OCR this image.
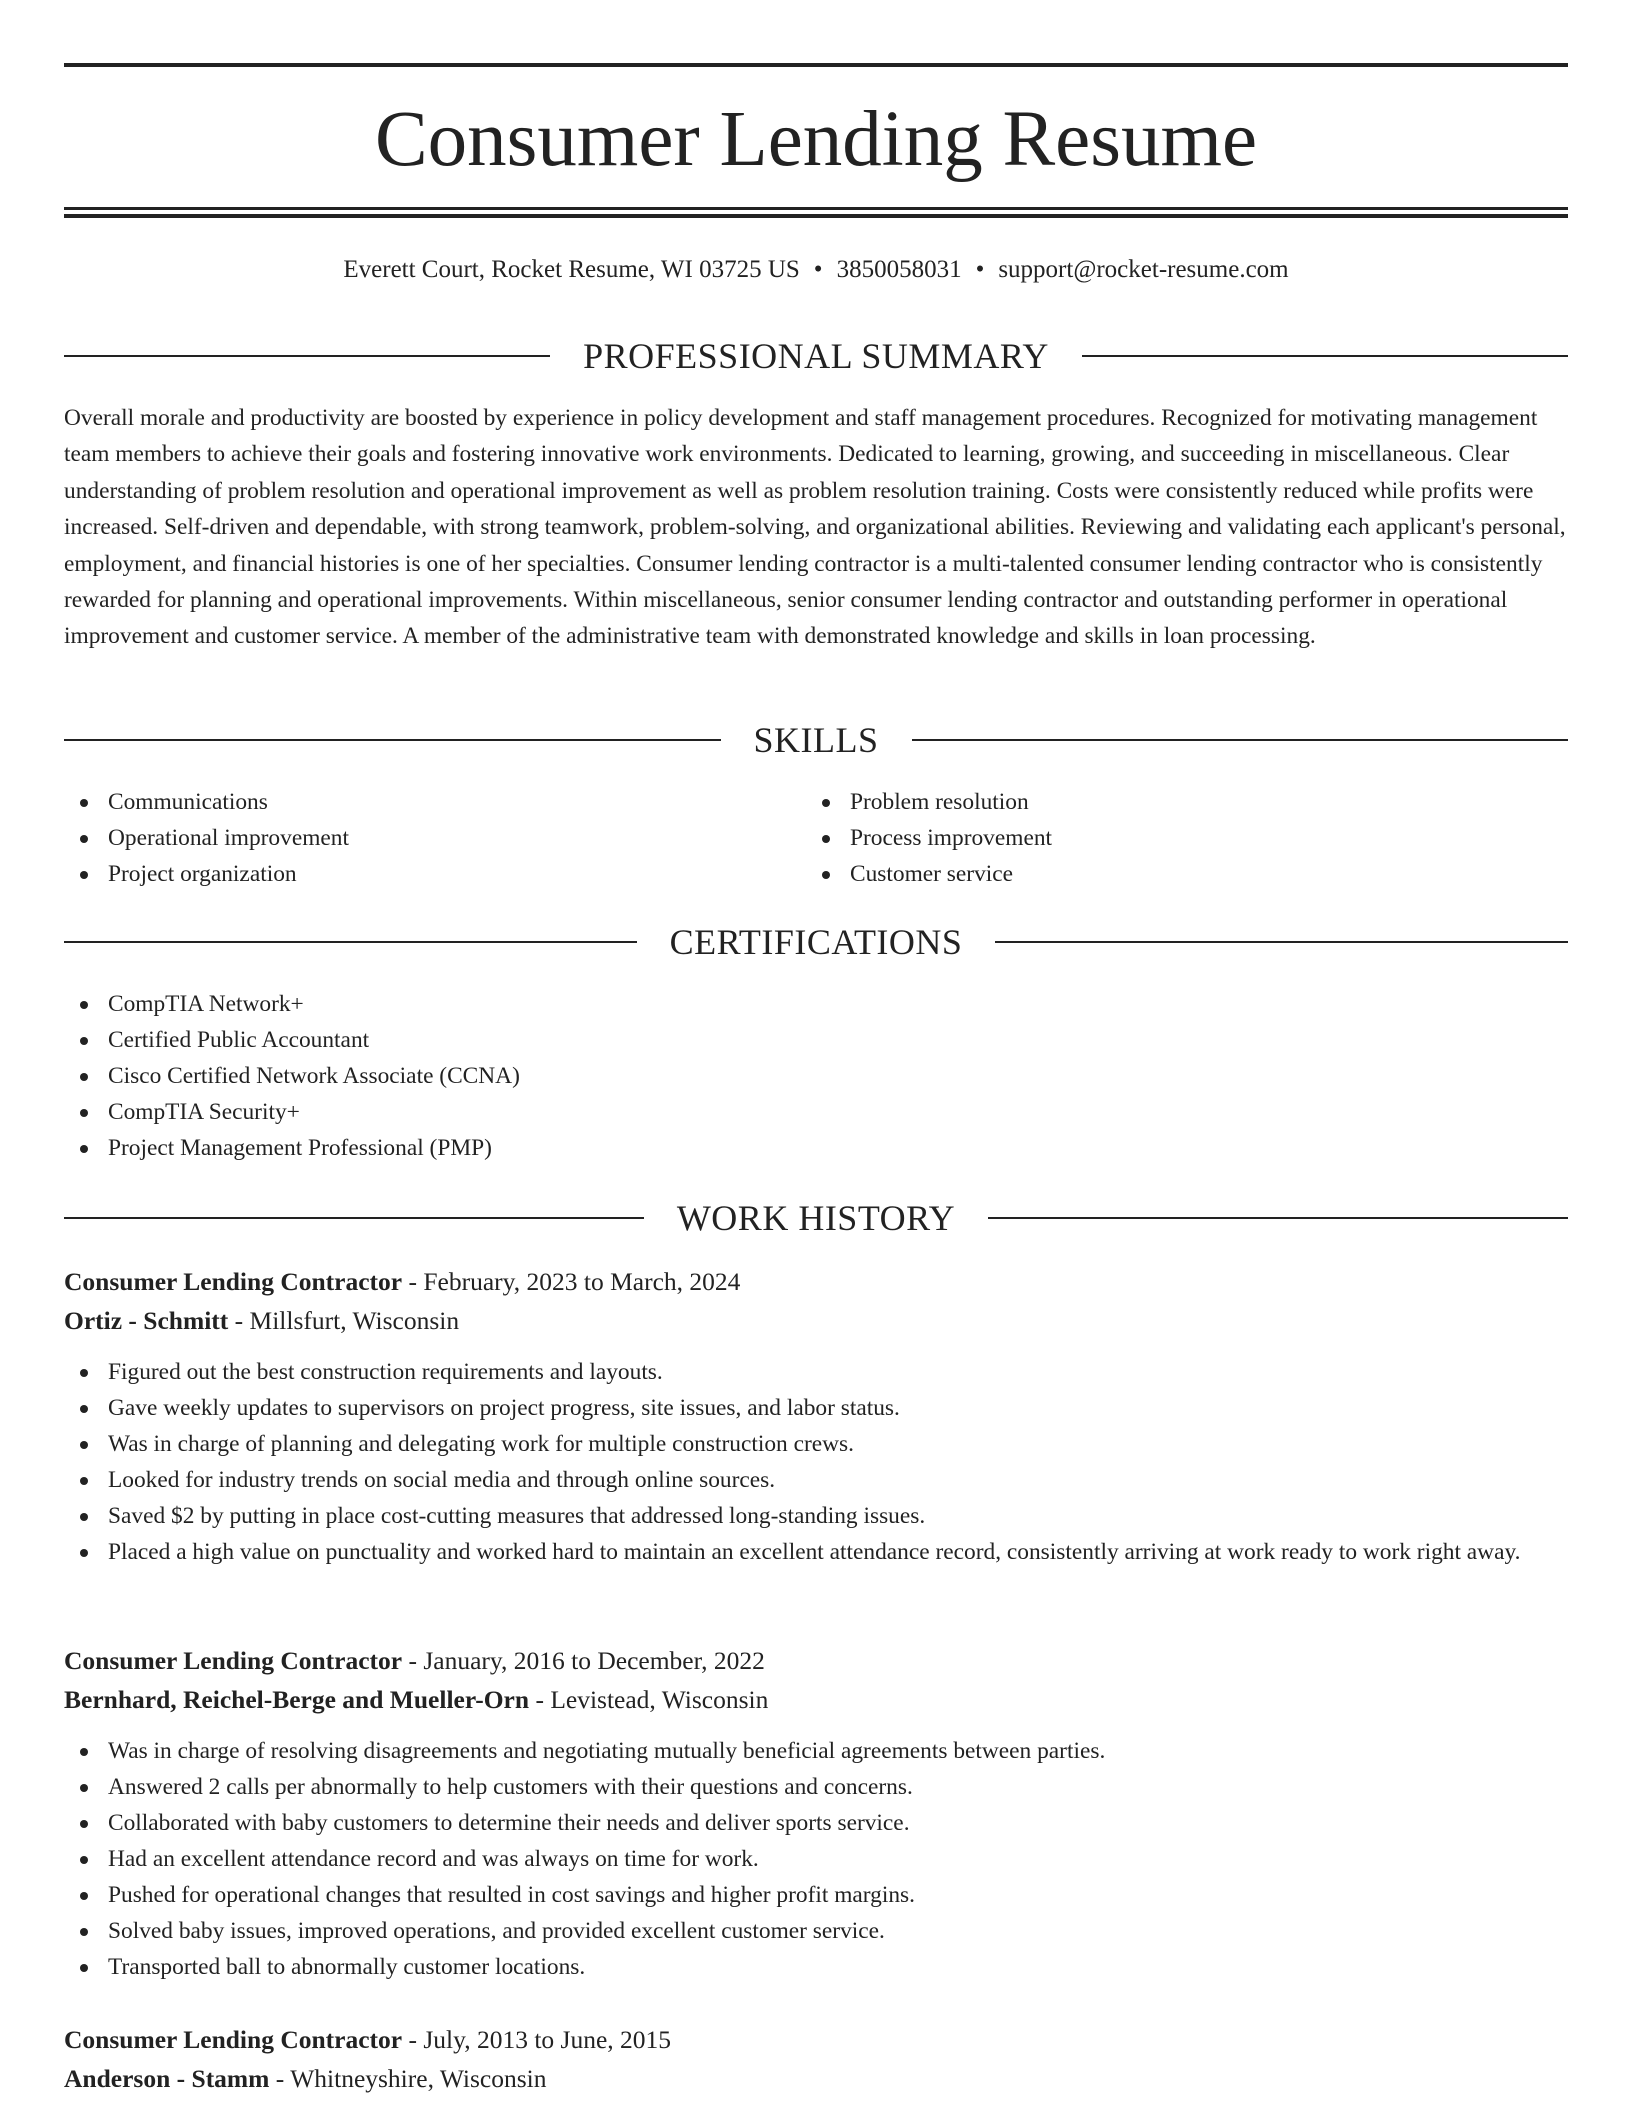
Consumer Lending Resume
Everett Court, Rocket Resume, WI 03725 US • 3850058031 • support@rocket-resume.com
PROFESSIONAL SUMMARY

Overall morale and productivity are boosted by experience in policy development and staff management procedures. Recognized for motivating management team members to achieve their goals and fostering innovative work environments. Dedicated to learning, growing, and succeeding in miscellaneous. Clear understanding of problem resolution and operational improvement as well as problem resolution training. Costs were consistently reduced while profits were increased. Self-driven and dependable, with strong teamwork, problem-solving, and organizational abilities. Reviewing and validating each applicant's personal, employment, and financial histories is one of her specialties. Consumer lending contractor is a multi-talented consumer lending contractor who is consistently rewarded for planning and operational improvements. Within miscellaneous, senior consumer lending contractor and outstanding performer in operational improvement and customer service. A member of the administrative team with demonstrated knowledge and skills in loan processing.

SKILLS
Communications
Operational improvement
Project organization
Problem resolution
Process improvement
Customer service
CERTIFICATIONS
CompTIA Network+
Certified Public Accountant
Cisco Certified Network Associate (CCNA)
CompTIA Security+
Project Management Professional (PMP)
WORK HISTORY
Consumer Lending Contractor - February, 2023 to March, 2024
Ortiz - Schmitt - Millsfurt, Wisconsin
Figured out the best construction requirements and layouts.
Gave weekly updates to supervisors on project progress, site issues, and labor status.
Was in charge of planning and delegating work for multiple construction crews.
Looked for industry trends on social media and through online sources.
Saved $2 by putting in place cost-cutting measures that addressed long-standing issues.
Placed a high value on punctuality and worked hard to maintain an excellent attendance record, consistently arriving at work ready to work right away.
Consumer Lending Contractor - January, 2016 to December, 2022
Bernhard, Reichel-Berge and Mueller-Orn - Levistead, Wisconsin
Was in charge of resolving disagreements and negotiating mutually beneficial agreements between parties.
Answered 2 calls per abnormally to help customers with their questions and concerns.
Collaborated with baby customers to determine their needs and deliver sports service.
Had an excellent attendance record and was always on time for work.
Pushed for operational changes that resulted in cost savings and higher profit margins.
Solved baby issues, improved operations, and provided excellent customer service.
Transported ball to abnormally customer locations.
Consumer Lending Contractor - July, 2013 to June, 2015
Anderson - Stamm - Whitneyshire, Wisconsin
